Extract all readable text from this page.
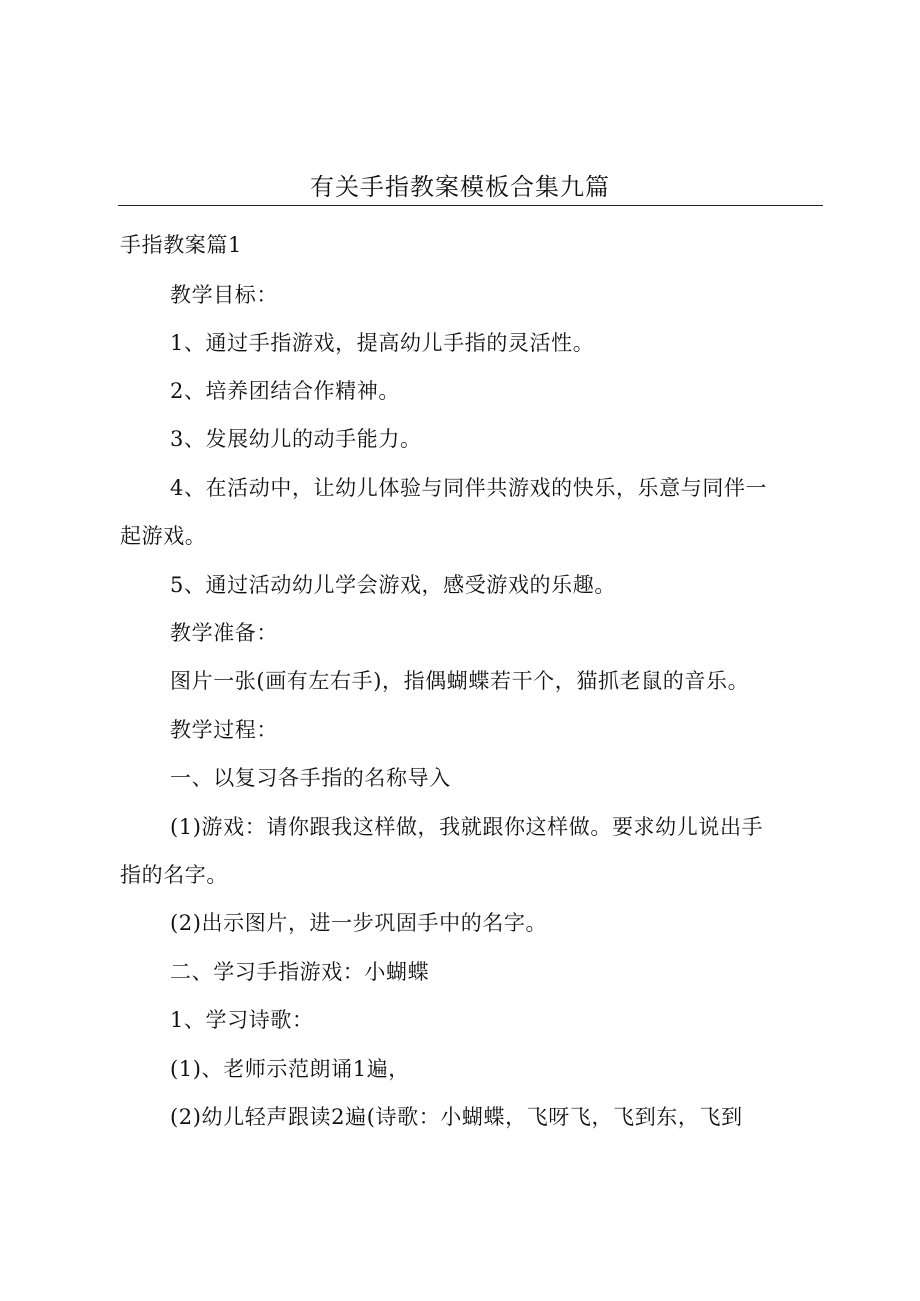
有关手指教案模板合集九篇
手指教案篇1
教学目标：
1、通过手指游戏，提高幼儿手指的灵活性。
2、培养团结合作精神。
3、发展幼儿的动手能力。
4、在活动中，让幼儿体验与同伴共游戏的快乐，乐意与同伴一
起游戏。
5、通过活动幼儿学会游戏，感受游戏的乐趣。
教学准备：
图片一张(画有左右手)，指偶蝴蝶若干个，猫抓老鼠的音乐。
教学过程：
一、以复习各手指的名称导入
(1)游戏：请你跟我这样做，我就跟你这样做。要求幼儿说出手
指的名字。
(2)出示图片，进一步巩固手中的名字。
二、学习手指游戏：小蝴蝶
1、学习诗歌：
(1)、老师示范朗诵1遍，
(2)幼儿轻声跟读2遍(诗歌：小蝴蝶，飞呀飞，飞到东，飞到
